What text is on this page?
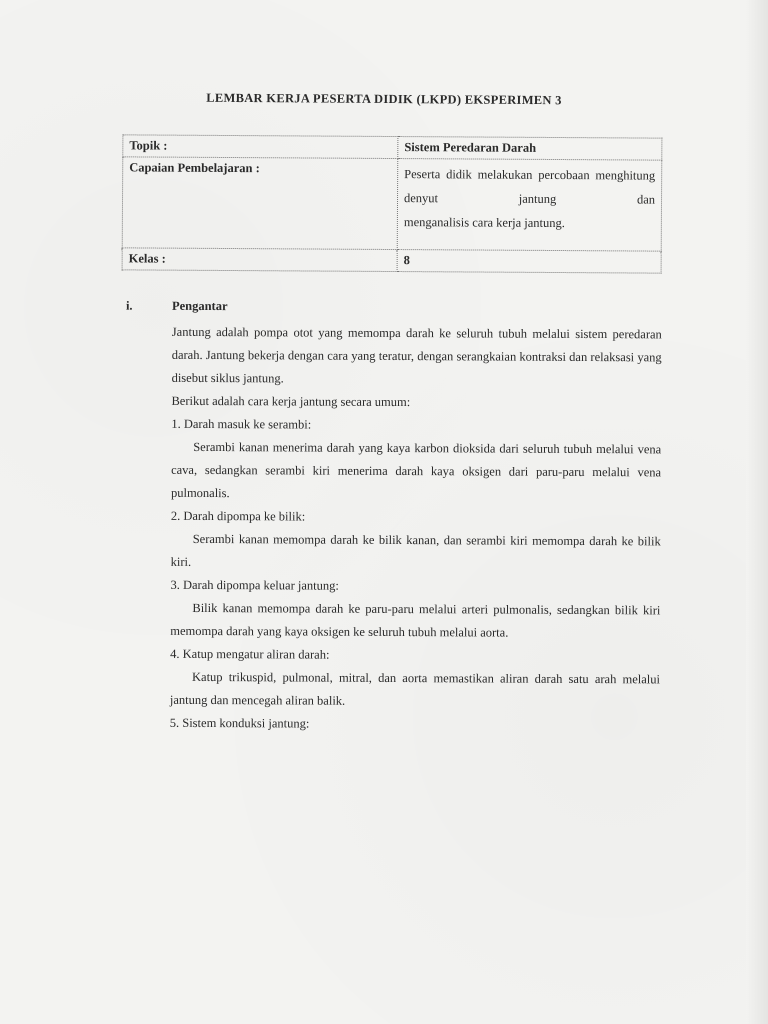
LEMBAR KERJA PESERTA DIDIK (LKPD) EKSPERIMEN 3
Topik :	Sistem Peredaran Darah
Capaian Pembelajaran :	Peserta didik melakukan percobaan menghitung denyut jantung dan
menganalisis cara kerja jantung.

Kelas :	8
i.	Pengantar

Jantung adalah pompa otot yang memompa darah ke seluruh tubuh melalui sistem peredaran darah. Jantung bekerja dengan cara yang teratur, dengan serangkaian kontraksi dan relaksasi yang disebut siklus jantung.

Berikut adalah cara kerja jantung secara umum:

1. Darah masuk ke serambi:

Serambi kanan menerima darah yang kaya karbon dioksida dari seluruh tubuh melalui vena cava, sedangkan serambi kiri menerima darah kaya oksigen dari paru-paru melalui vena pulmonalis.

2. Darah dipompa ke bilik:

Serambi kanan memompa darah ke bilik kanan, dan serambi kiri memompa darah ke bilik kiri.

3. Darah dipompa keluar jantung:

Bilik kanan memompa darah ke paru-paru melalui arteri pulmonalis, sedangkan bilik kiri memompa darah yang kaya oksigen ke seluruh tubuh melalui aorta.

4. Katup mengatur aliran darah:

Katup trikuspid, pulmonal, mitral, dan aorta memastikan aliran darah satu arah melalui jantung dan mencegah aliran balik.

5. Sistem konduksi jantung:
